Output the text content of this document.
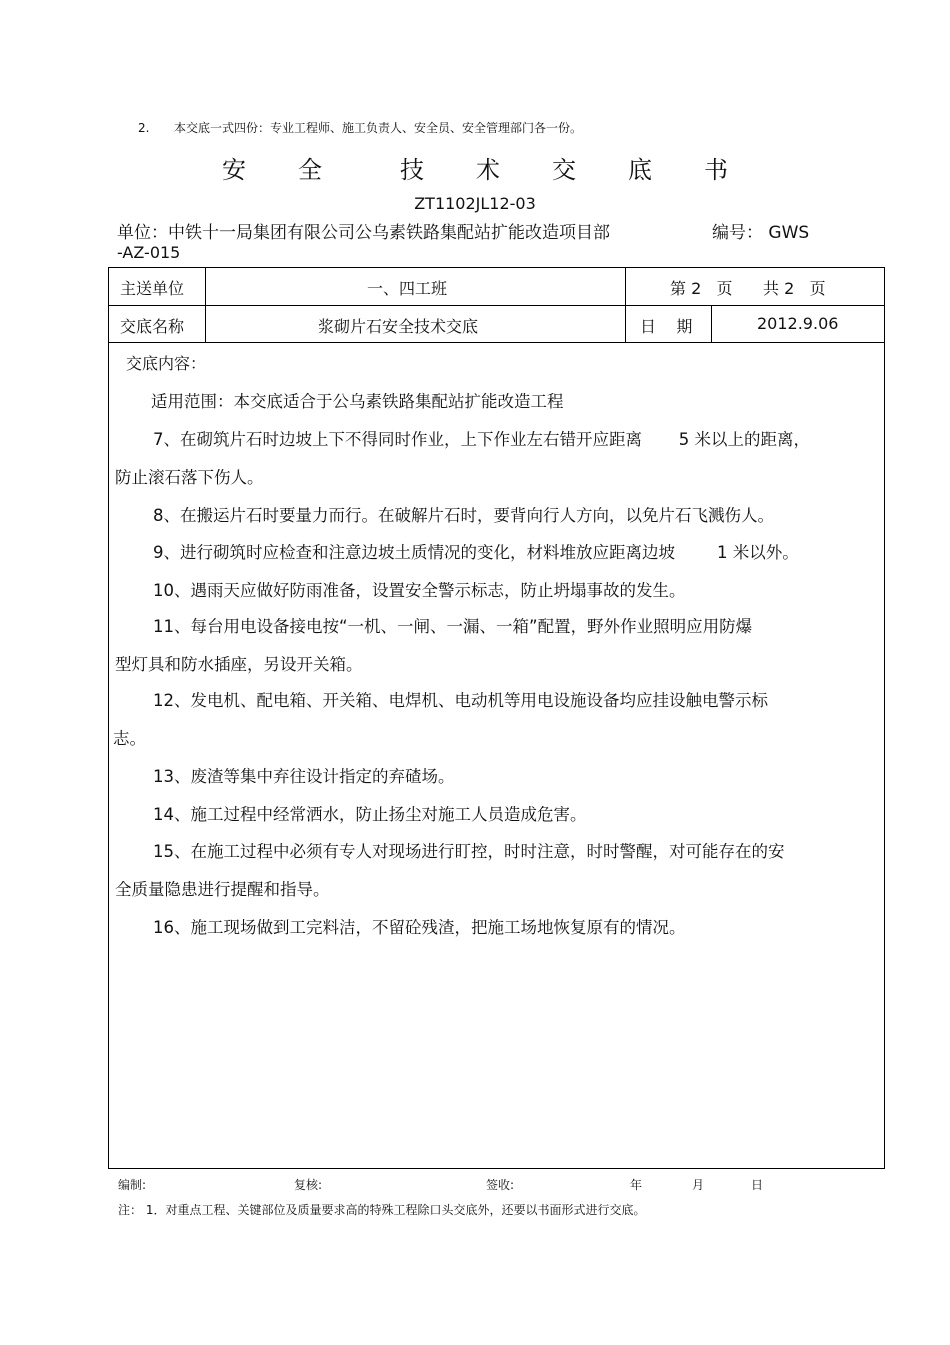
2. 本交底一式四份：专业工程师、施工负责人、安全员、安全管理部门各一份。
安 全	技 术 交 底 书
ZT1102JL12-03
单位：中铁十一局集团有限公司公乌素铁路集配站扩能改造项目部	编号： GWS
-AZ-015
主送单位	一、四工班	第 2   页      共 2   页
交底名称	浆砌片石安全技术交底	日    期	2012.9.06
交底内容：
适用范围：本交底适合于公乌素铁路集配站扩能改造工程
7、在砌筑片石时边坡上下不得同时作业，上下作业左右错开应距离       5 米以上的距离，
防止滚石落下伤人。
8、在搬运片石时要量力而行。在破解片石时，要背向行人方向，以免片石飞溅伤人。
9、进行砌筑时应检查和注意边坡土质情况的变化，材料堆放应距离边坡        1 米以外。
10、遇雨天应做好防雨准备，设置安全警示标志，防止坍塌事故的发生。
11、每台用电设备接电按“一机、一闸、一漏、一箱”配置，野外作业照明应用防爆
型灯具和防水插座，另设开关箱。
12、发电机、配电箱、开关箱、电焊机、电动机等用电设施设备均应挂设触电警示标
志。
13、废渣等集中弃往设计指定的弃碴场。
14、施工过程中经常洒水，防止扬尘对施工人员造成危害。
15、在施工过程中必须有专人对现场进行盯控，时时注意，时时警醒，对可能存在的安
全质量隐患进行提醒和指导。
16、施工现场做到工完料洁，不留砼残渣，把施工场地恢复原有的情况。
编制:	复核:	签收:	年	月	日
注： 1．对重点工程、关键部位及质量要求高的特殊工程除口头交底外，还要以书面形式进行交底。
